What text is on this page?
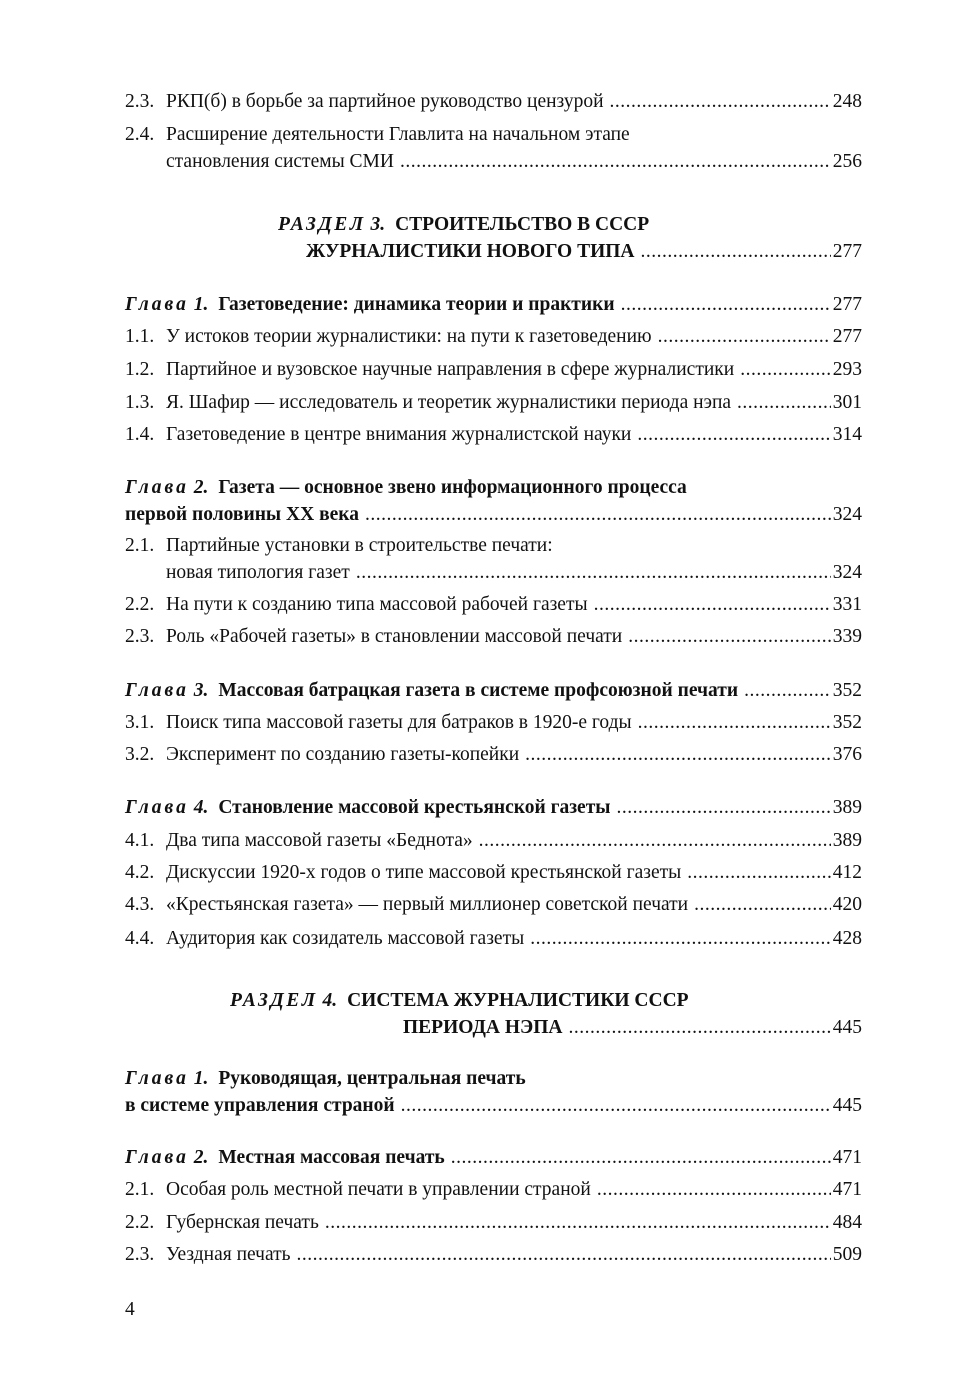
2.3. РКП(б) в борьбе за партийное руководство цензурой .....	248
2.4. Расширение деятельности Главлита на начальном этапе
становления системы СМИ .....	256
РАЗДЕЛ 3. СТРОИТЕЛЬСТВО В СССР
ЖУРНАЛИСТИКИ НОВОГО ТИПА .....	277
Глава 1. Газетоведение: динамика теории и практики .....	277
1.1. У истоков теории журналистики: на пути к газетоведению .....	277
1.2. Партийное и вузовское научные направления в сфере журналистики .....	293
1.3. Я. Шафир — исследователь и теоретик журналистики периода нэпа .....	301
1.4. Газетоведение в центре внимания журналистской науки .....	314
Глава 2. Газета — основное звено информационного процесса
первой половины XX века .....	324
2.1. Партийные установки в строительстве печати:
новая типология газет .....	324
2.2. На пути к созданию типа массовой рабочей газеты .....	331
2.3. Роль «Рабочей газеты» в становлении массовой печати .....	339
Глава 3. Массовая батрацкая газета в системе профсоюзной печати .....	352
3.1. Поиск типа массовой газеты для батраков в 1920-е годы .....	352
3.2. Эксперимент по созданию газеты-копейки .....	376
Глава 4. Становление массовой крестьянской газеты .....	389
4.1. Два типа массовой газеты «Беднота» .....	389
4.2. Дискуссии 1920-х годов о типе массовой крестьянской газеты .....	412
4.3. «Крестьянская газета» — первый миллионер советской печати .....	420
4.4. Аудитория как созидатель массовой газеты .....	428
РАЗДЕЛ 4. СИСТЕМА ЖУРНАЛИСТИКИ СССР
ПЕРИОДА НЭПА .....	445
Глава 1. Руководящая, центральная печать
в системе управления страной .....	445
Глава 2. Местная массовая печать .....	471
2.1. Особая роль местной печати в управлении страной .....	471
2.2. Губернская печать .....	484
2.3. Уездная печать .....	509
4
